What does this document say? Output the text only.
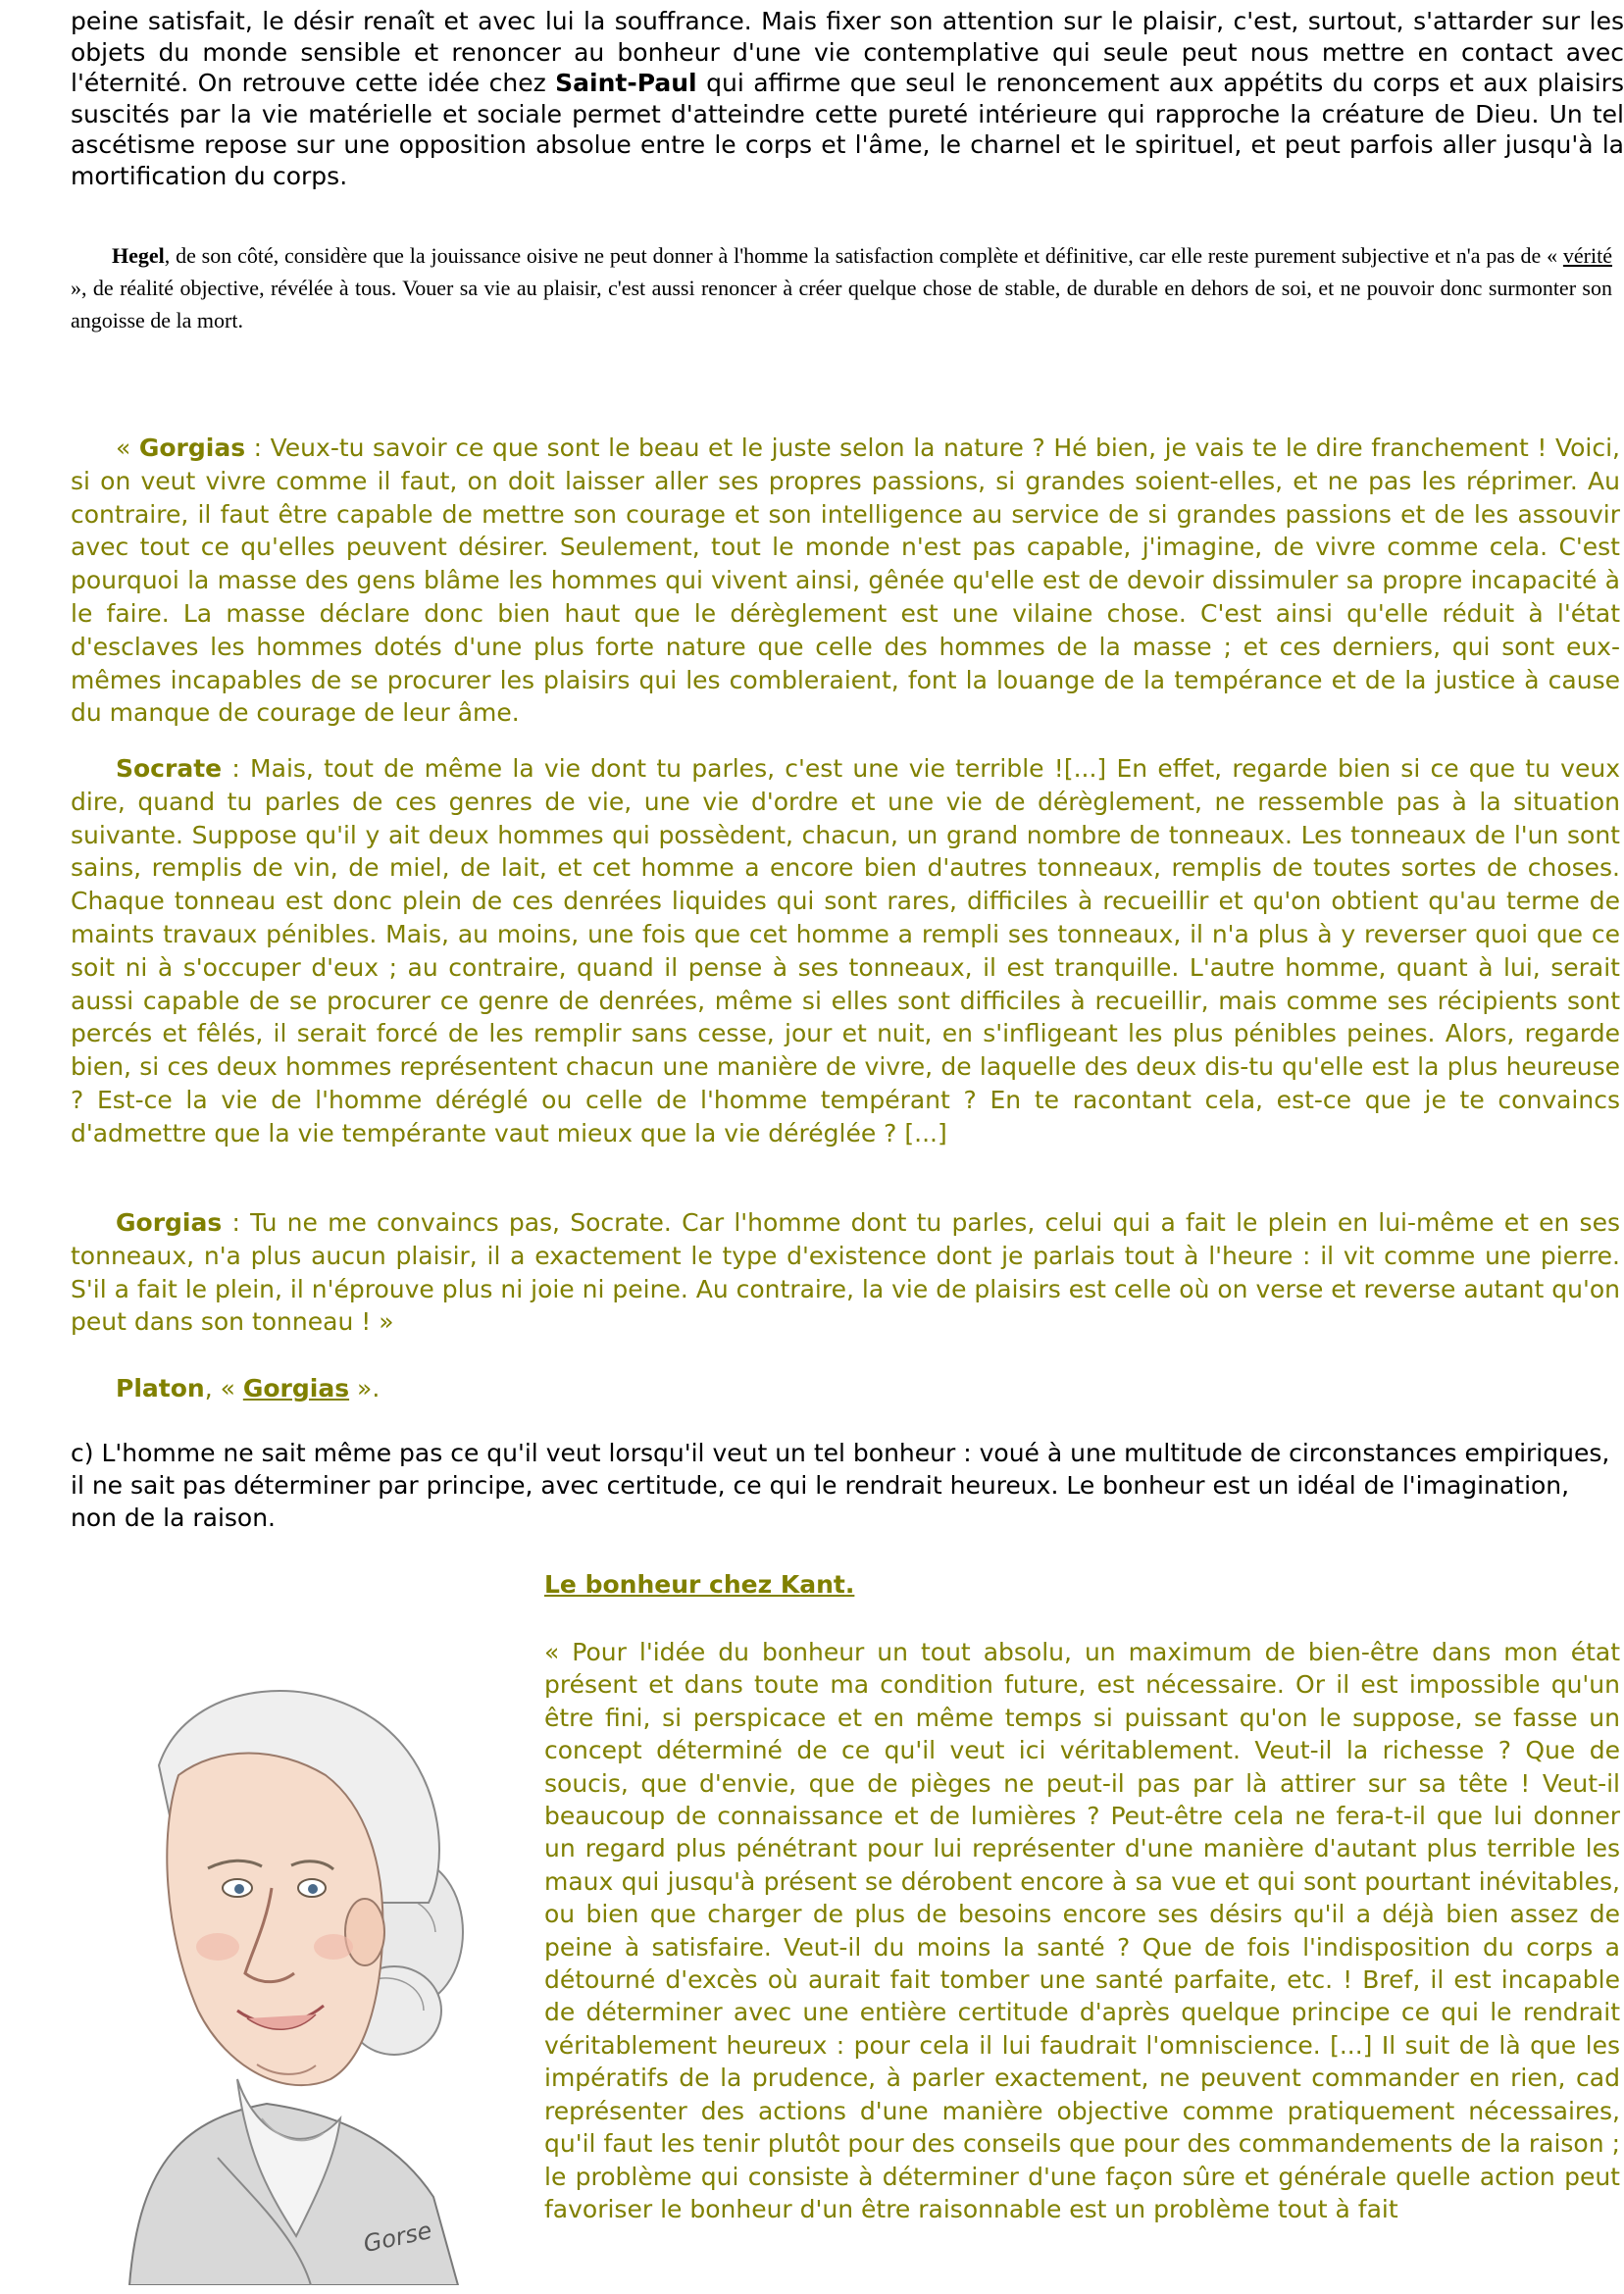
peine satisfait, le désir renaît et avec lui la souffrance. Mais fixer son attention sur le plaisir, c'est, surtout, s'attarder sur les objets du monde sensible et renoncer au bonheur d'une vie contemplative qui seule peut nous mettre en contact avec l'éternité. On retrouve cette idée chez Saint-Paul qui affirme que seul le renoncement aux appétits du corps et aux plaisirs suscités par la vie matérielle et sociale permet d'atteindre cette pureté intérieure qui rapproche la créature de Dieu. Un tel ascétisme repose sur une opposition absolue entre le corps et l'âme, le charnel et le spirituel, et peut parfois aller jusqu'à la mortification du corps.

Hegel, de son côté, considère que la jouissance oisive ne peut donner à l'homme la satisfaction complète et définitive, car elle reste purement subjective et n'a pas de « vérité », de réalité objective, révélée à tous. Vouer sa vie au plaisir, c'est aussi renoncer à créer quelque chose de stable, de durable en dehors de soi, et ne pouvoir donc surmonter son angoisse de la mort.

« Gorgias : Veux-tu savoir ce que sont le beau et le juste selon la nature ? Hé bien, je vais te le dire franchement ! Voici, si on veut vivre comme il faut, on doit laisser aller ses propres passions, si grandes soient-elles, et ne pas les réprimer. Au contraire, il faut être capable de mettre son courage et son intelligence au service de si grandes passions et de les assouvir avec tout ce qu'elles peuvent désirer. Seulement, tout le monde n'est pas capable, j'imagine, de vivre comme cela. C'est pourquoi la masse des gens blâme les hommes qui vivent ainsi, gênée qu'elle est de devoir dissimuler sa propre incapacité à le faire. La masse déclare donc bien haut que le dérèglement est une vilaine chose. C'est ainsi qu'elle réduit à l'état d'esclaves les hommes dotés d'une plus forte nature que celle des hommes de la masse ; et ces derniers, qui sont eux-mêmes incapables de se procurer les plaisirs qui les combleraient, font la louange de la tempérance et de la justice à cause du manque de courage de leur âme.

Socrate : Mais, tout de même la vie dont tu parles, c'est une vie terrible ![...] En effet, regarde bien si ce que tu veux dire, quand tu parles de ces genres de vie, une vie d'ordre et une vie de dérèglement, ne ressemble pas à la situation suivante. Suppose qu'il y ait deux hommes qui possèdent, chacun, un grand nombre de tonneaux. Les tonneaux de l'un sont sains, remplis de vin, de miel, de lait, et cet homme a encore bien d'autres tonneaux, remplis de toutes sortes de choses. Chaque tonneau est donc plein de ces denrées liquides qui sont rares, difficiles à recueillir et qu'on obtient qu'au terme de maints travaux pénibles. Mais, au moins, une fois que cet homme a rempli ses tonneaux, il n'a plus à y reverser quoi que ce soit ni à s'occuper d'eux ; au contraire, quand il pense à ses tonneaux, il est tranquille. L'autre homme, quant à lui, serait aussi capable de se procurer ce genre de denrées, même si elles sont difficiles à recueillir, mais comme ses récipients sont percés et fêlés, il serait forcé de les remplir sans cesse, jour et nuit, en s'infligeant les plus pénibles peines. Alors, regarde bien, si ces deux hommes représentent chacun une manière de vivre, de laquelle des deux dis-tu qu'elle est la plus heureuse ? Est-ce la vie de l'homme déréglé ou celle de l'homme tempérant ? En te racontant cela, est-ce que je te convaincs d'admettre que la vie tempérante vaut mieux que la vie déréglée ? [...]

Gorgias : Tu ne me convaincs pas, Socrate. Car l'homme dont tu parles, celui qui a fait le plein en lui-même et en ses tonneaux, n'a plus aucun plaisir, il a exactement le type d'existence dont je parlais tout à l'heure : il vit comme une pierre. S'il a fait le plein, il n'éprouve plus ni joie ni peine. Au contraire, la vie de plaisirs est celle où on verse et reverse autant qu'on peut dans son tonneau ! »

Platon, « Gorgias ».

c) L'homme ne sait même pas ce qu'il veut lorsqu'il veut un tel bonheur : voué à une multitude de circonstances empiriques, il ne sait pas déterminer par principe, avec certitude, ce qui le rendrait heureux. Le bonheur est un idéal de l'imagination, non de la raison.

Le bonheur chez Kant.

« Pour l'idée du bonheur un tout absolu, un maximum de bien-être dans mon état présent et dans toute ma condition future, est nécessaire. Or il est impossible qu'un être fini, si perspicace et en même temps si puissant qu'on le suppose, se fasse un concept déterminé de ce qu'il veut ici véritablement. Veut-il la richesse ? Que de soucis, que d'envie, que de pièges ne peut-il pas par là attirer sur sa tête ! Veut-il beaucoup de connaissance et de lumières ? Peut-être cela ne fera-t-il que lui donner un regard plus pénétrant pour lui représenter d'une manière d'autant plus terrible les maux qui jusqu'à présent se dérobent encore à sa vue et qui sont pourtant inévitables, ou bien que charger de plus de besoins encore ses désirs qu'il a déjà bien assez de peine à satisfaire. Veut-il du moins la santé ? Que de fois l'indisposition du corps a détourné d'excès où aurait fait tomber une santé parfaite, etc. ! Bref, il est incapable de déterminer avec une entière certitude d'après quelque principe ce qui le rendrait véritablement heureux : pour cela il lui faudrait l'omniscience. [...] Il suit de là que les impératifs de la prudence, à parler exactement, ne peuvent commander en rien, cad représenter des actions d'une manière objective comme pratiquement nécessaires, qu'il faut les tenir plutôt pour des conseils que pour des commandements de la raison ; le problème qui consiste à déterminer d'une façon sûre et générale quelle action peut favoriser le bonheur d'un être raisonnable est un problème tout à fait

Gorse
